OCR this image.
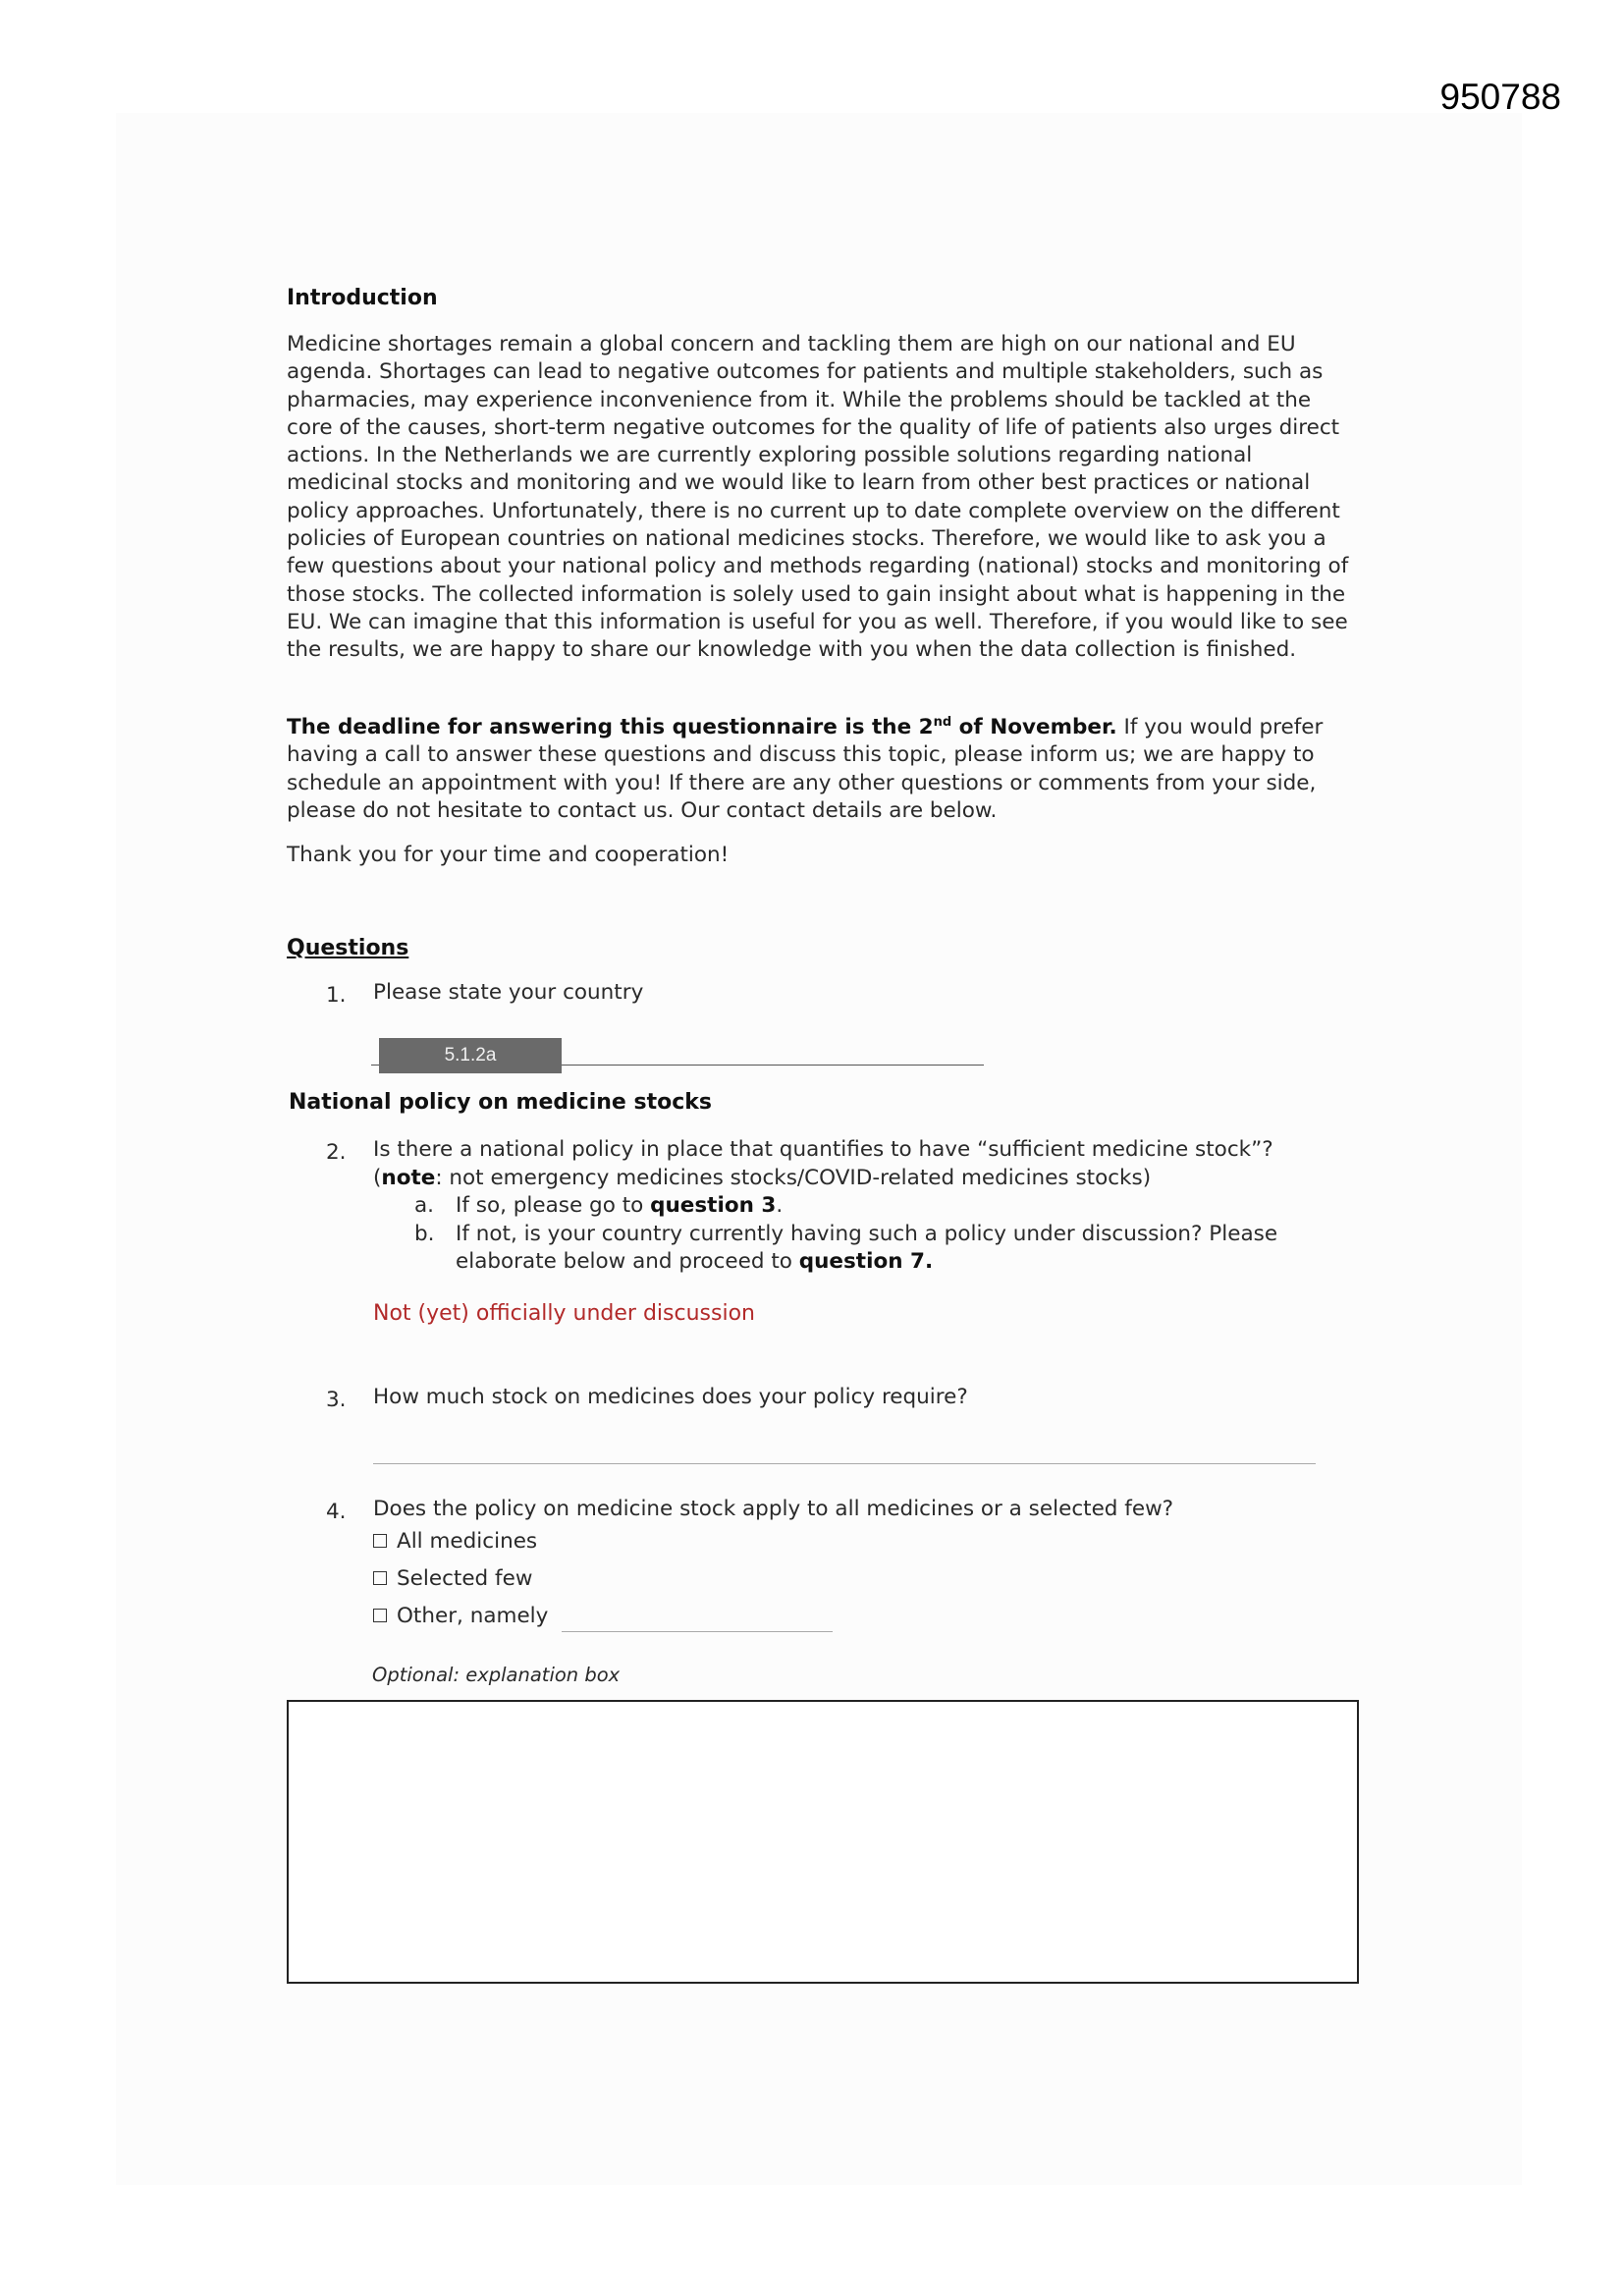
950788
Introduction

Medicine shortages remain a global concern and tackling them are high on our national and EU agenda. Shortages can lead to negative outcomes for patients and multiple stakeholders, such as pharmacies, may experience inconvenience from it. While the problems should be tackled at the core of the causes, short-term negative outcomes for the quality of life of patients also urges direct actions. In the Netherlands we are currently exploring possible solutions regarding national medicinal stocks and monitoring and we would like to learn from other best practices or national policy approaches. Unfortunately, there is no current up to date complete overview on the different policies of European countries on national medicines stocks. Therefore, we would like to ask you a few questions about your national policy and methods regarding (national) stocks and monitoring of those stocks. The collected information is solely used to gain insight about what is happening in the EU. We can imagine that this information is useful for you as well. Therefore, if you would like to see the results, we are happy to share our knowledge with you when the data collection is finished.

The deadline for answering this questionnaire is the 2nd of November. If you would prefer having a call to answer these questions and discuss this topic, please inform us; we are happy to schedule an appointment with you! If there are any other questions or comments from your side, please do not hesitate to contact us. Our contact details are below.

Thank you for your time and cooperation!

Questions
1.	Please state your country
5.1.2a
National policy on medicine stocks
2.	Is there a national policy in place that quantifies to have “sufficient medicine stock”?
(note: not emergency medicines stocks/COVID-related medicines stocks)
a. If so, please go to question 3.
b. If not, is your country currently having such a policy under discussion? Please
elaborate below and proceed to question 7.
Not (yet) officially under discussion
3.	How much stock on medicines does your policy require?
4.	Does the policy on medicine stock apply to all medicines or a selected few?
All medicines
Selected few
Other, namely
Optional: explanation box
